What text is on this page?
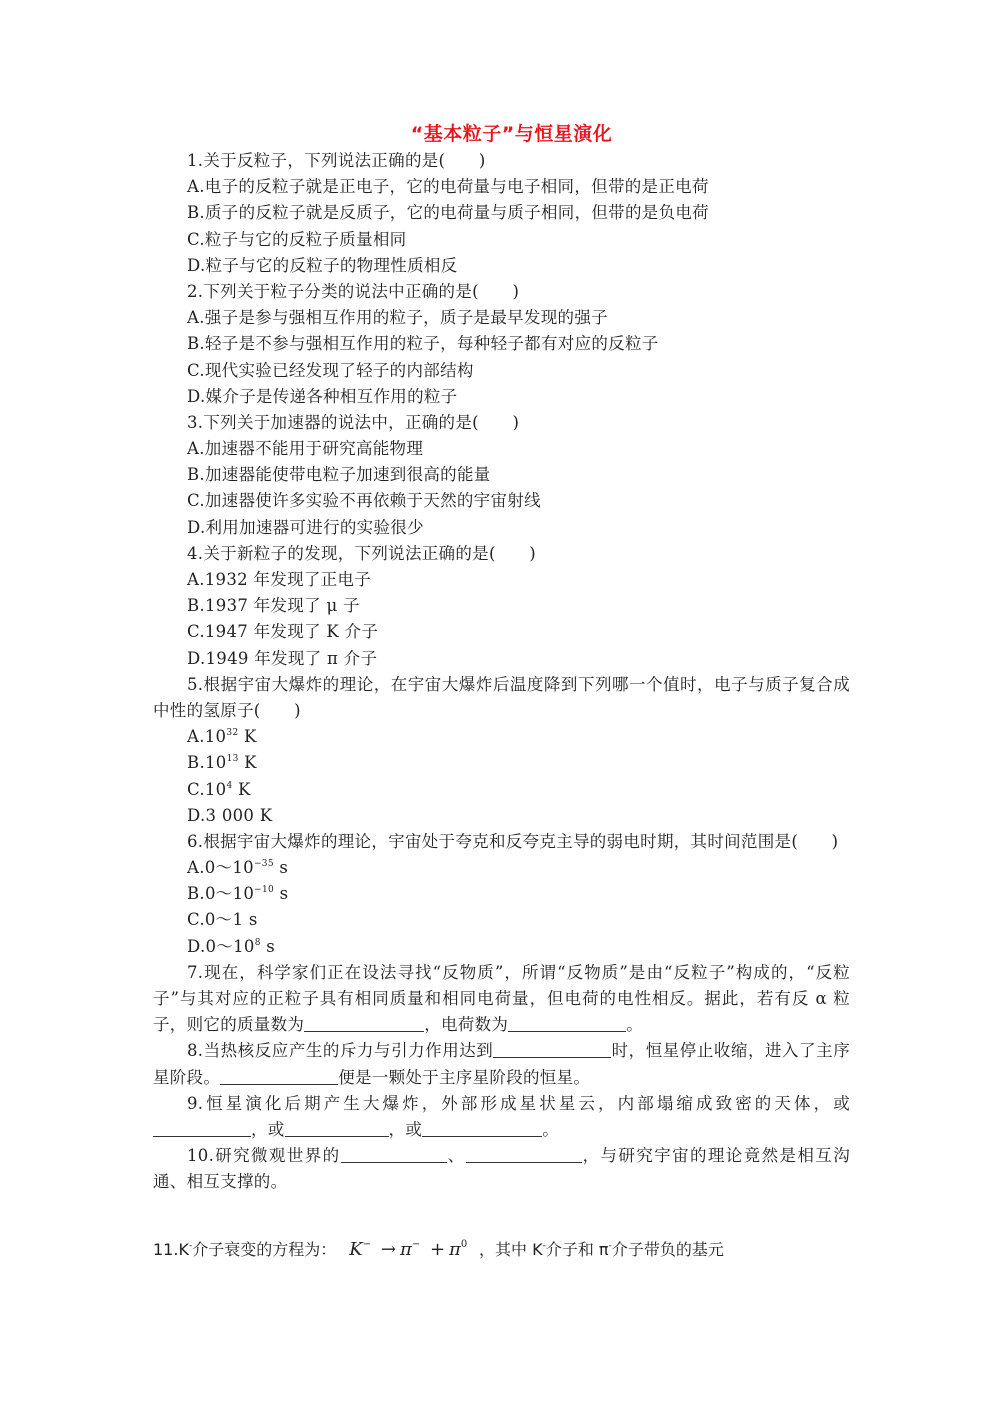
“基本粒子”与恒星演化
1.关于反粒子，下列说法正确的是(　　)
A.电子的反粒子就是正电子，它的电荷量与电子相同，但带的是正电荷
B.质子的反粒子就是反质子，它的电荷量与质子相同，但带的是负电荷
C.粒子与它的反粒子质量相同
D.粒子与它的反粒子的物理性质相反
2.下列关于粒子分类的说法中正确的是(　　)
A.强子是参与强相互作用的粒子，质子是最早发现的强子
B.轻子是不参与强相互作用的粒子，每种轻子都有对应的反粒子
C.现代实验已经发现了轻子的内部结构
D.媒介子是传递各种相互作用的粒子
3.下列关于加速器的说法中，正确的是(　　)
A.加速器不能用于研究高能物理
B.加速器能使带电粒子加速到很高的能量
C.加速器使许多实验不再依赖于天然的宇宙射线
D.利用加速器可进行的实验很少
4.关于新粒子的发现，下列说法正确的是(　　)
A.1932 年发现了正电子
B.1937 年发现了 μ 子
C.1947 年发现了 K 介子
D.1949 年发现了 π 介子
5.根据宇宙大爆炸的理论，在宇宙大爆炸后温度降到下列哪一个值时，电子与质子复合成中性的氢原子(　　)
$A.10^{32}$ K
$B.10^{13}$ K
$C.10^4$ K
D.3 000 K
6.根据宇宙大爆炸的理论，宇宙处于夸克和反夸克主导的弱电时期，其时间范围是(　　)
$A.0\sim 10^{-35}$ s
$B.0\sim 10^{-10}$ s
C.0～1 s
$D.0\sim 10^8$ s
7.现在，科学家们正在设法寻找“反物质”，所谓“反物质”是由“反粒子”构成的，“反粒子”与其对应的正粒子具有相同质量和相同电荷量，但电荷的电性相反。据此，若有反 α 粒子，则它的质量数为	，电荷数为	。
8.当热核反应产生的斥力与引力作用达到	时，恒星停止收缩，进入了主序星阶段。	便是一颗处于主序星阶段的恒星。
9.恒星演化后期产生大爆炸，外部形成星状星云，内部塌缩成致密的天体，或，或	，或	。
10.研究微观世界的	、	，与研究宇宙的理论竟然是相互沟通、相互支撑的。
11.K-介子衰变的方程为： $K^- \to \pi^- + \pi^0$ ，其中 K-介子和 π-介子带负的基元
